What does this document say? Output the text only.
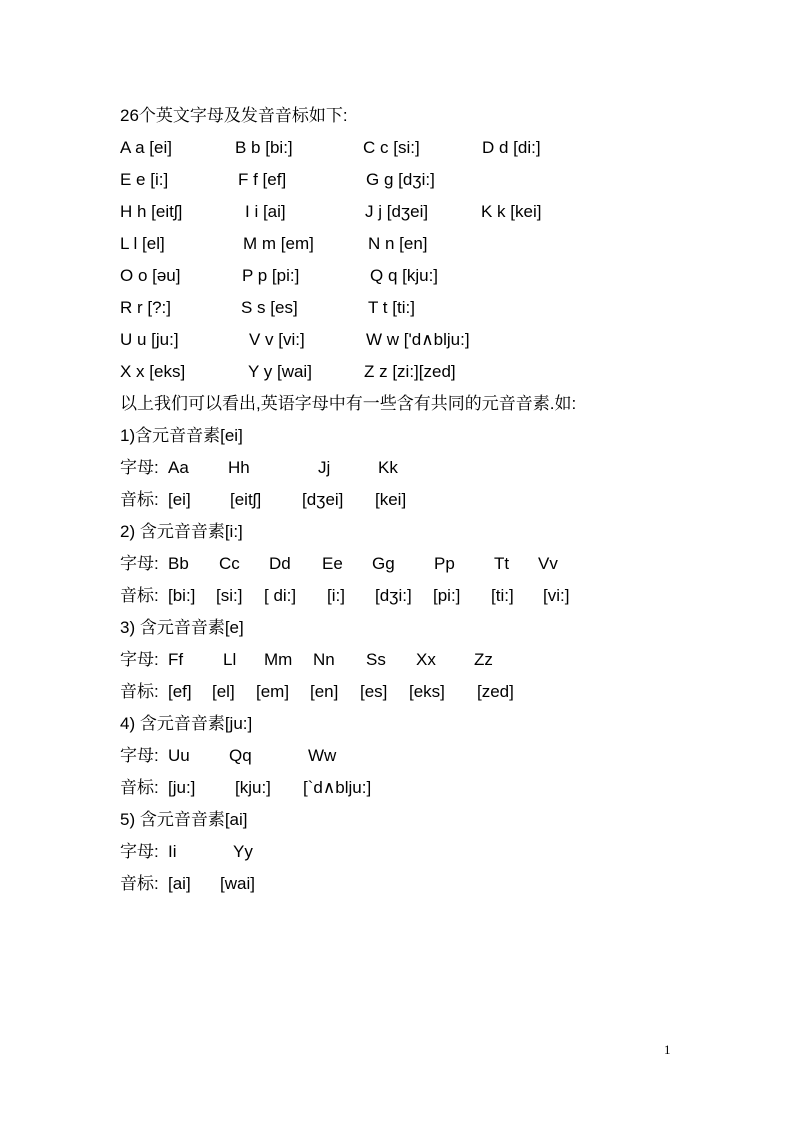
26个英文字母及发音音标如下:
A a [ei]	B b [bi:]	C c [si:]	D d [di:]
E e [i:]	F f [ef]	G g [dʒi:]
H h [eitʃ]	I i [ai]	J j [dʒei]	K k [kei]
L l [el]	M m [em]	N n [en]
O o [əu]	P p [pi:]	Q q [kju:]
R r [?:]	S s [es]	T t [ti:]
U u [ju:]	V v [vi:]	W w ['d∧blju:]
X x [eks]	Y y [wai]	Z z [zi:][zed]
以上我们可以看出,英语字母中有一些含有共同的元音音素.如:
1)含元音音素[ei]
字母: Aa Hh	Jj	Kk
音标: [ei] [eitʃ] [dʒei] [kei]
2) 含元音音素[i:]
字母: Bb Cc Dd Ee Gg Pp Tt Vv
音标: [bi:] [si:] [ di:] [i:] [dʒi:] [pi:] [ti:] [vi:]
3) 含元音音素[e]
字母: Ff Ll Mm Nn Ss Xx Zz
音标: [ef] [el] [em] [en] [es] [eks] [zed]
4) 含元音音素[ju:]
字母: Uu Qq	Ww
音标: [ju:] [kju:] [`d∧blju:]
5) 含元音音素[ai]
字母: Ii	Yy
音标: [ai] [wai]
1
